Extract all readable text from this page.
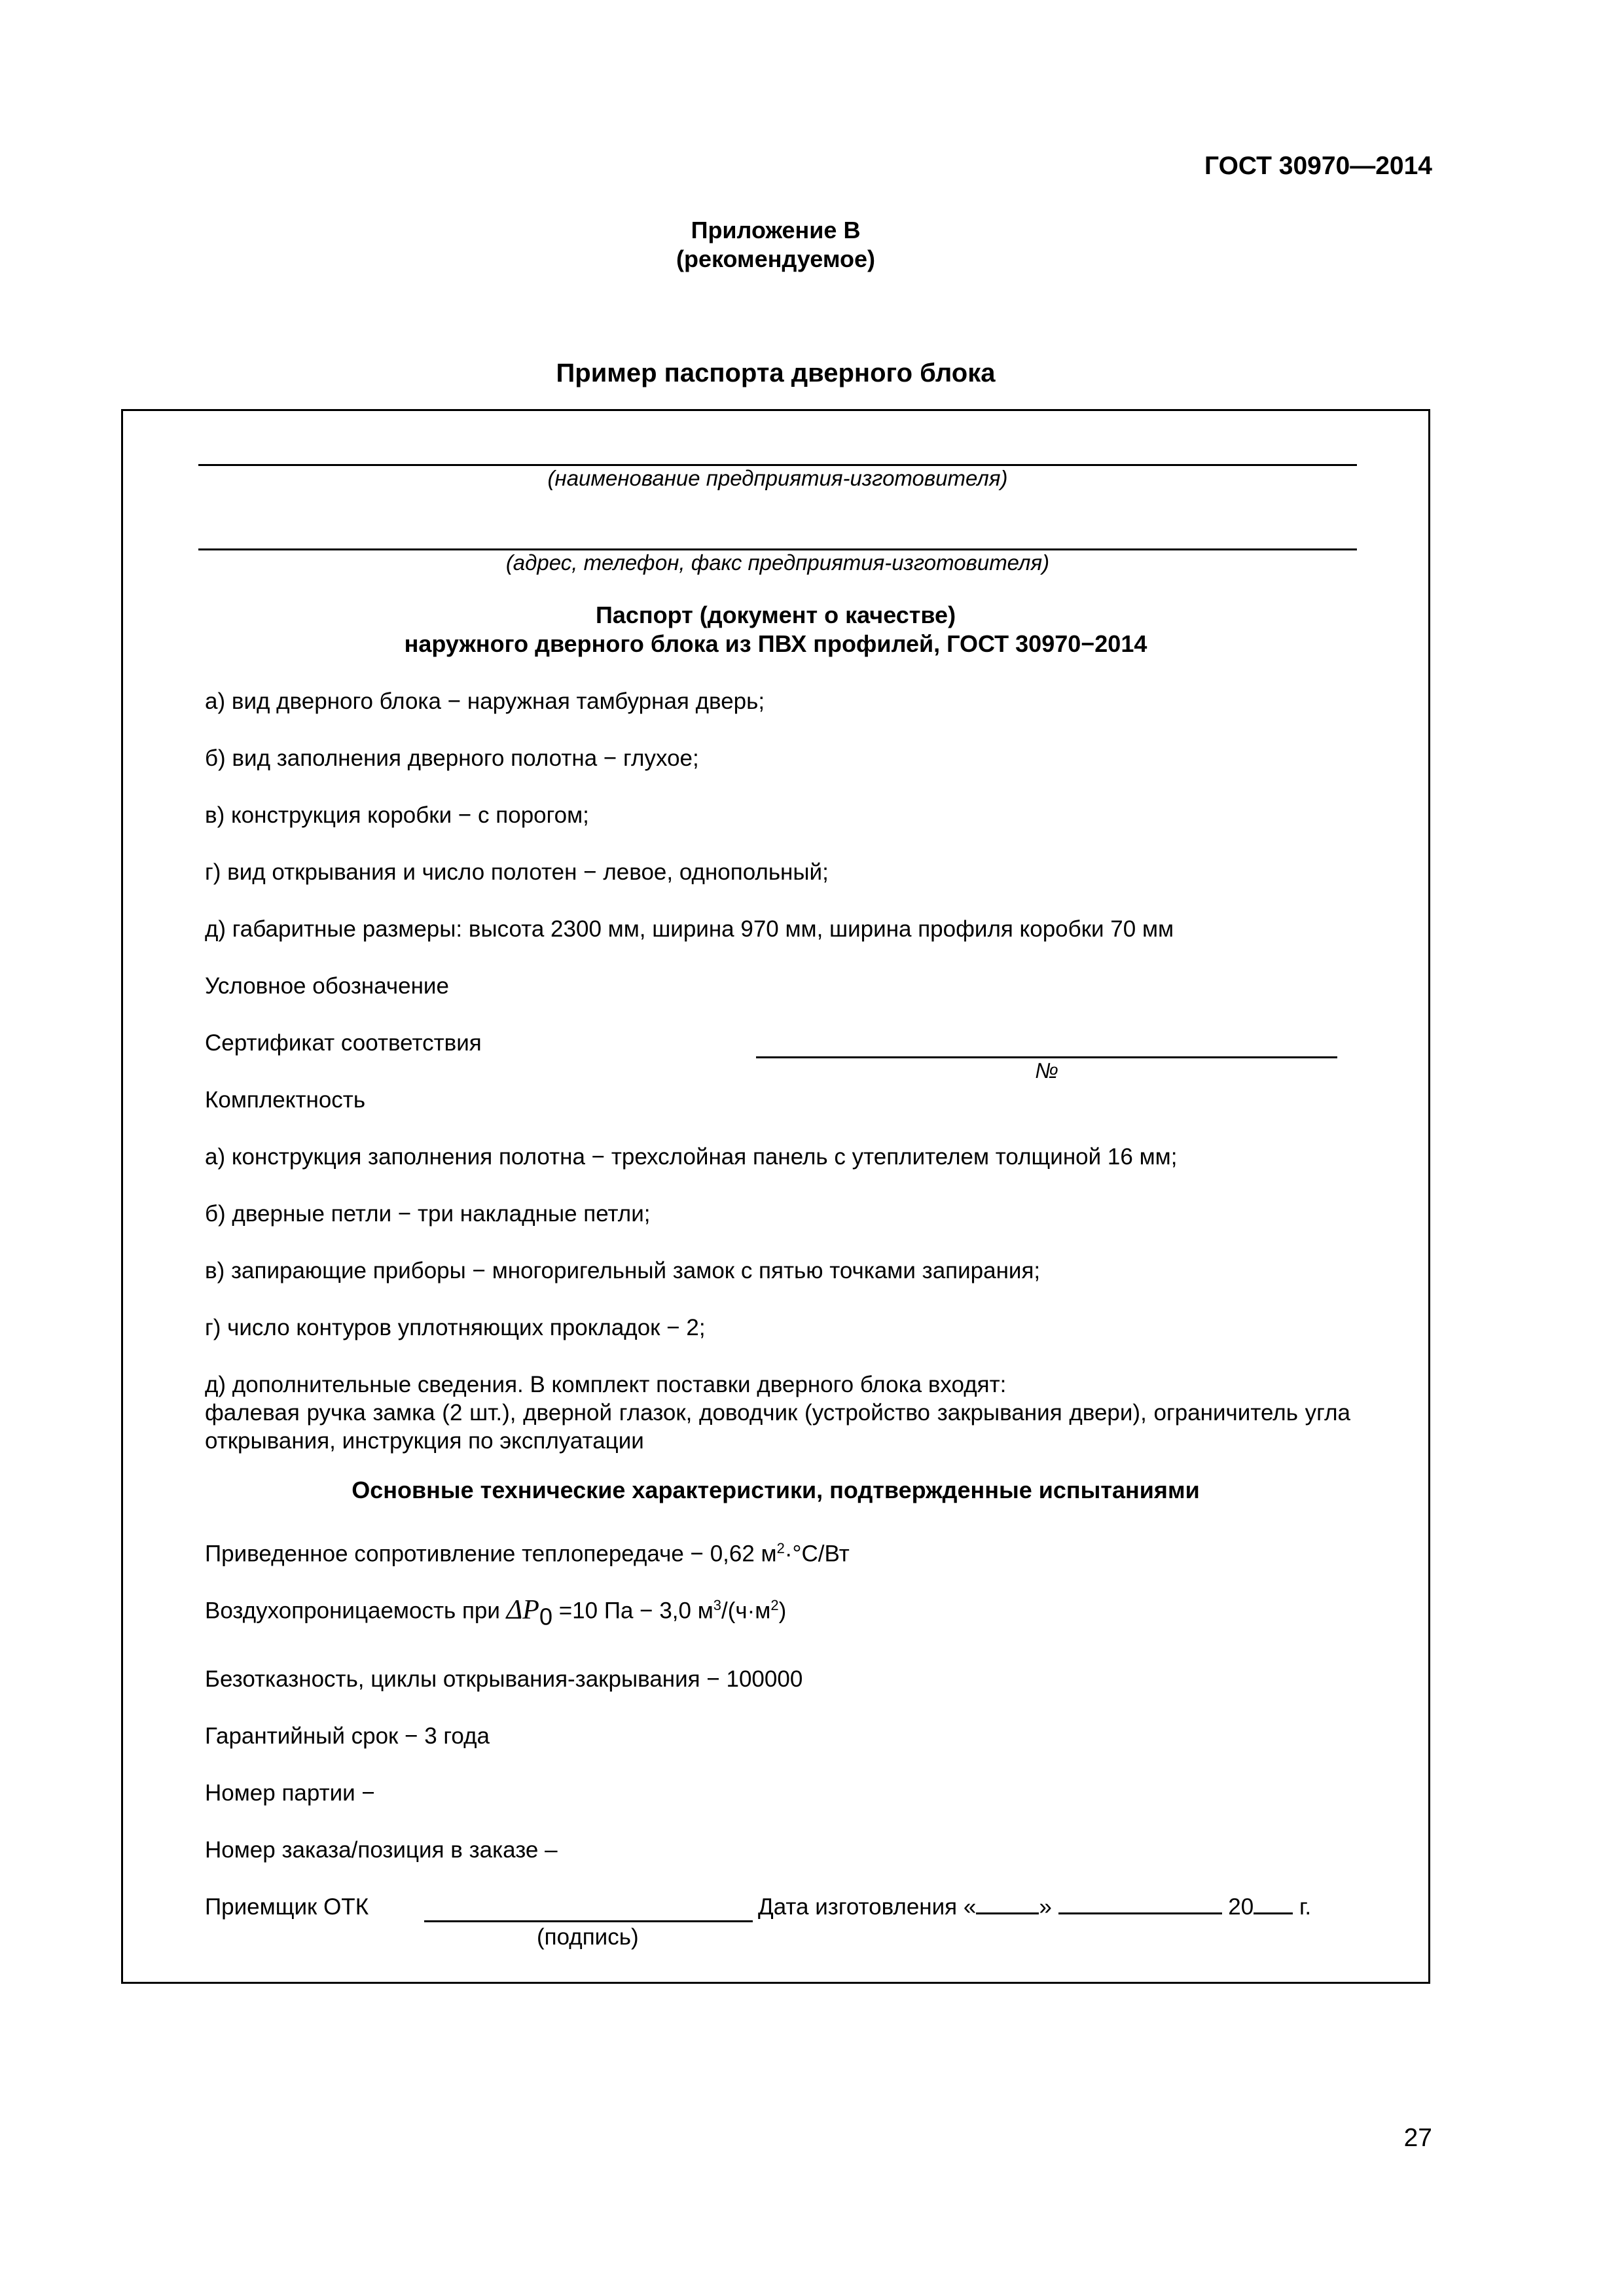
ГОСТ 30970—2014
Приложение В
(рекомендуемое)
Пример паспорта дверного блока
(наименование предприятия-изготовителя)
(адрес, телефон, факс предприятия-изготовителя)
Паспорт (документ о качестве)
наружного дверного блока из ПВХ профилей, ГОСТ 30970−2014
а) вид дверного блока − наружная тамбурная дверь;
б) вид заполнения дверного полотна − глухое;
в) конструкция коробки − с порогом;
г) вид открывания и число полотен − левое, однопольный;
д) габаритные размеры: высота 2300 мм, ширина 970 мм, ширина профиля коробки 70 мм
Условное обозначение
Сертификат соответствия
№
Комплектность
а) конструкция заполнения полотна − трехслойная панель с утеплителем толщиной 16 мм;
б) дверные петли − три накладные петли;
в) запирающие приборы − многоригельный замок с пятью точками запирания;
г) число контуров уплотняющих прокладок − 2;
д) дополнительные сведения. В комплект поставки дверного блока входят:
фалевая ручка замка (2 шт.), дверной глазок, доводчик (устройство закрывания двери), ограничитель угла открывания, инструкция по эксплуатации
Основные технические характеристики, подтвержденные испытаниями
Приведенное сопротивление теплопередаче − 0,62 $м^2\cdot^\circ С/Вт$
Воздухопроницаемость при $\Delta P_0 =10$ Па − 3,0 $м^3/(ч\cdot м^2)$
Безотказность, циклы открывания-закрывания − 100000
Гарантийный срок − 3 года
Номер партии −
Номер заказа/позиция в заказе –
Приемщик ОТК	Дата изготовления «	»	20 г.
(подпись)
27
